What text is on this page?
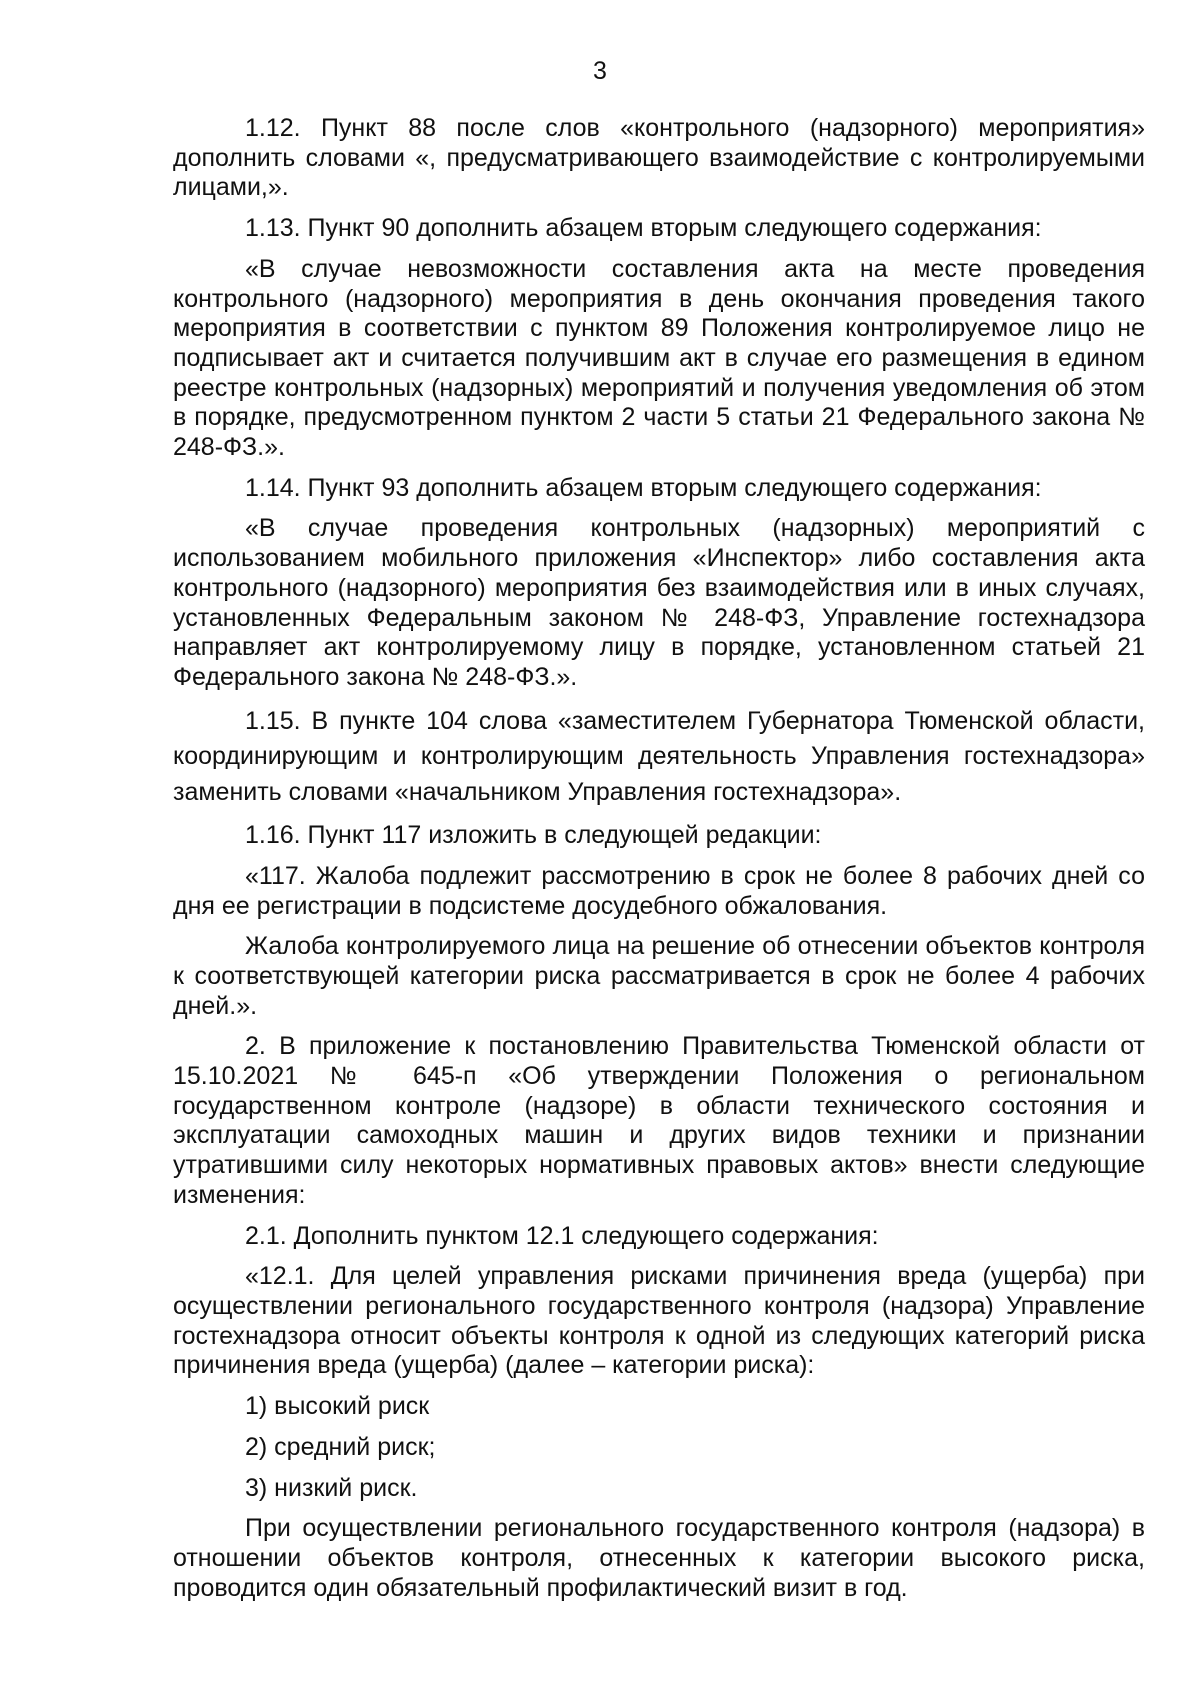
3

1.12. Пункт 88 после слов «контрольного (надзорного) мероприятия» дополнить словами «, предусматривающего взаимодействие с контролируемыми лицами,».

1.13. Пункт 90 дополнить абзацем вторым следующего содержания:

«В случае невозможности составления акта на месте проведения контрольного (надзорного) мероприятия в день окончания проведения такого мероприятия в соответствии с пунктом 89 Положения контролируемое лицо не подписывает акт и считается получившим акт в случае его размещения в едином реестре контрольных (надзорных) мероприятий и получения уведомления об этом в порядке, предусмотренном пунктом 2 части 5 статьи 21 Федерального закона № 248-ФЗ.».

1.14. Пункт 93 дополнить абзацем вторым следующего содержания:

«В случае проведения контрольных (надзорных) мероприятий с использованием мобильного приложения «Инспектор» либо составления акта контрольного (надзорного) мероприятия без взаимодействия или в иных случаях, установленных Федеральным законом № 248-ФЗ, Управление гостехнадзора направляет акт контролируемому лицу в порядке, установленном статьей 21 Федерального закона № 248-ФЗ.».

1.15. В пункте 104 слова «заместителем Губернатора Тюменской области, координирующим и контролирующим деятельность Управления гостехнадзора» заменить словами «начальником Управления гостехнадзора».

1.16. Пункт 117 изложить в следующей редакции:

«117. Жалоба подлежит рассмотрению в срок не более 8 рабочих дней со дня ее регистрации в подсистеме досудебного обжалования.

Жалоба контролируемого лица на решение об отнесении объектов контроля к соответствующей категории риска рассматривается в срок не более 4 рабочих дней.».

2. В приложение к постановлению Правительства Тюменской области от 15.10.2021 № 645-п «Об утверждении Положения о региональном государственном контроле (надзоре) в области технического состояния и эксплуатации самоходных машин и других видов техники и признании утратившими силу некоторых нормативных правовых актов» внести следующие изменения:

2.1. Дополнить пунктом 12.1 следующего содержания:

«12.1. Для целей управления рисками причинения вреда (ущерба) при осуществлении регионального государственного контроля (надзора) Управление гостехнадзора относит объекты контроля к одной из следующих категорий риска причинения вреда (ущерба) (далее – категории риска):

1) высокий риск

2) средний риск;

3) низкий риск.

При осуществлении регионального государственного контроля (надзора) в отношении объектов контроля, отнесенных к категории высокого риска, проводится один обязательный профилактический визит в год.
